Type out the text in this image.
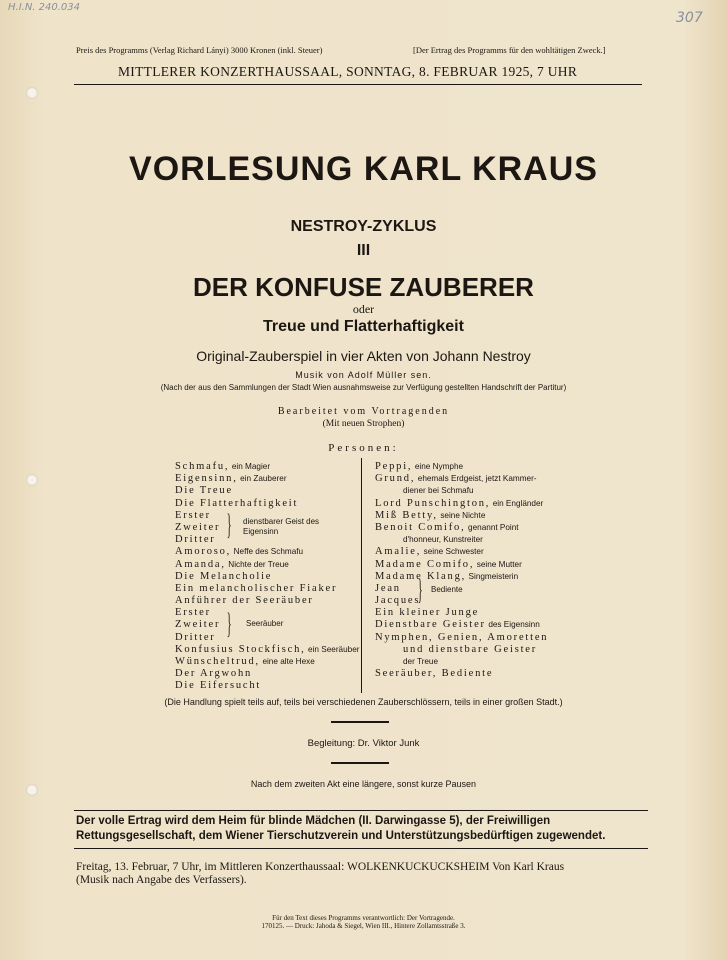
H.I.N. 240.034
307
Preis des Programms (Verlag Richard Lányi) 3000 Kronen (inkl. Steuer)	[Der Ertrag des Programms für den wohltätigen Zweck.]
MITTLERER KONZERTHAUSSAAL, SONNTAG, 8. FEBRUAR 1925, 7 UHR
VORLESUNG KARL KRAUS
NESTROY-ZYKLUS
III
DER KONFUSE ZAUBERER
oder
Treue und Flatterhaftigkeit
Original-Zauberspiel in vier Akten von Johann Nestroy
Musik von Adolf Müller sen.
(Nach der aus den Sammlungen der Stadt Wien ausnahmsweise zur Verfügung gestellten Handschrift der Partitur)
Bearbeitet vom Vortragenden
(Mit neuen Strophen)
Personen:
Schmafu, ein Magier
Eigensinn, ein Zauberer
Die Treue
Die Flatterhaftigkeit
Erster
Zweiter
Dritter
Amoroso, Neffe des Schmafu
Amanda, Nichte der Treue
Die Melancholie
Ein melancholischer Fiaker
Anführer der Seeräuber
Erster
Zweiter
Dritter
Konfusius Stockfisch, ein Seeräuber
Wünscheltrud, eine alte Hexe
Der Argwohn
Die Eifersucht
} dienstbarer Geist des Eigensinn
} Seeräuber
Peppi, eine Nymphe
Grund, ehemals Erdgeist, jetzt Kammer-
diener bei Schmafu
Lord Punschington, ein Engländer
Miß Betty, seine Nichte
Benoit Comifo, genannt Point
d'honneur, Kunstreiter
Amalie, seine Schwester
Madame Comifo, seine Mutter
Madame Klang, Singmeisterin
Jean
Jacques
Ein kleiner Junge
Dienstbare Geister des Eigensinn
Nymphen, Genien, Amoretten
und dienstbare Geister
der Treue
Seeräuber, Bediente
} Bediente
(Die Handlung spielt teils auf, teils bei verschiedenen Zauberschlössern, teils in einer großen Stadt.)
Begleitung: Dr. Viktor Junk
Nach dem zweiten Akt eine längere, sonst kurze Pausen
Der volle Ertrag wird dem Heim für blinde Mädchen (II. Darwingasse 5), der Freiwilligen
Rettungsgesellschaft, dem Wiener Tierschutzverein und Unterstützungsbedürftigen zugewendet.
Freitag, 13. Februar, 7 Uhr, im Mittleren Konzerthaussaal: WOLKENKUCKUCKSHEIM Von Karl Kraus
(Musik nach Angabe des Verfassers).
Für den Text dieses Programms verantwortlich: Der Vortragende.
170125. — Druck: Jahoda & Siegel, Wien III., Hintere Zollamtsstraße 3.
